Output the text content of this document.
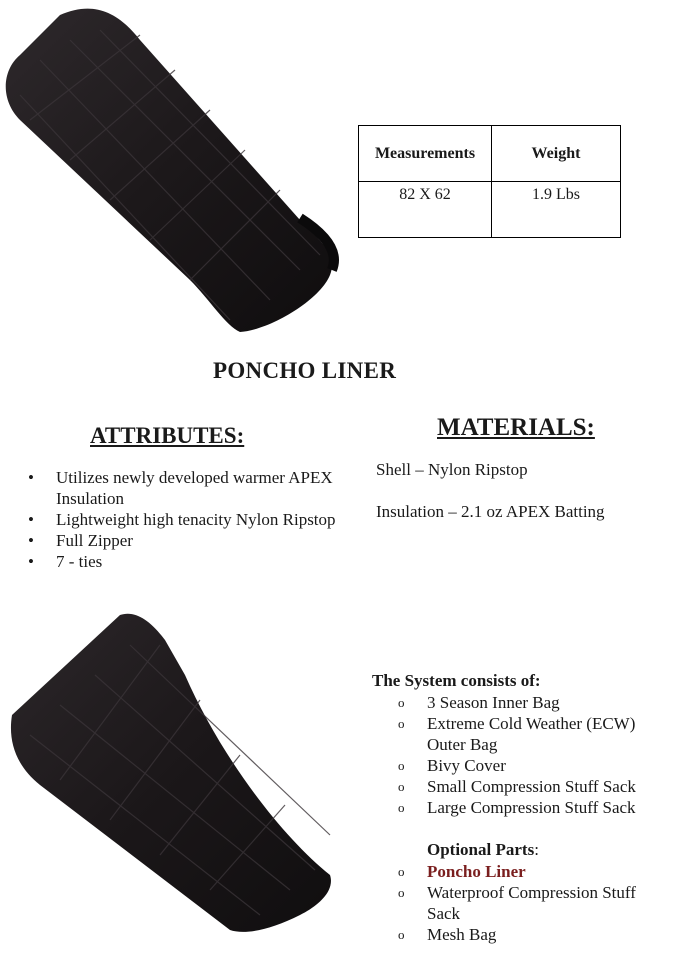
Measurements	Weight
82 X 62	1.9 Lbs
PONCHO LINER
ATTRIBUTES:	MATERIALS:
• Utilizes newly developed warmer APEX Insulation
• Lightweight high tenacity Nylon Ripstop
• Full Zipper
• 7 - ties
Shell – Nylon Ripstop
Insulation – 2.1 oz APEX Batting
The System consists of:
o 3 Season Inner Bag
o Extreme Cold Weather (ECW) Outer Bag
o Bivy Cover
o Small Compression Stuff Sack
o Large Compression Stuff Sack
Optional Parts:
o Poncho Liner
o Waterproof Compression Stuff Sack
o Mesh Bag
